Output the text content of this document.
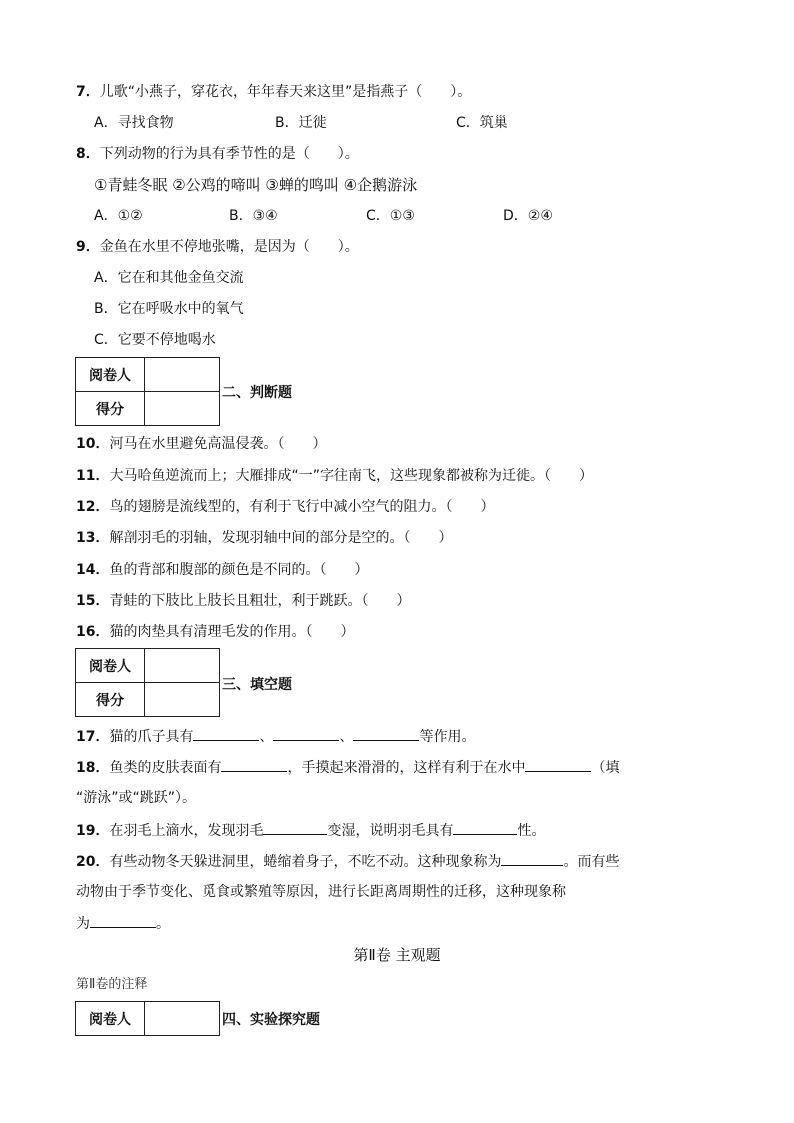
7．儿歌“小燕子，穿花衣，年年春天来这里”是指燕子（　　）。
A．寻找食物	B．迁徙	C．筑巢
8．下列动物的行为具有季节性的是（　　）。
①青蛙冬眠 ②公鸡的啼叫 ③蝉的鸣叫 ④企鹅游泳
A．①②	B．③④	C．①③	D．②④
9．金鱼在水里不停地张嘴，是因为（　　）。
A．它在和其他金鱼交流
B．它在呼吸水中的氧气
C．它要不停地喝水
阅卷人	
得分	
二、判断题
10．河马在水里避免高温侵袭。（　　）
11．大马哈鱼逆流而上；大雁排成“一”字往南飞，这些现象都被称为迁徙。（　　）
12．鸟的翅膀是流线型的，有利于飞行中减小空气的阻力。（　　）
13．解剖羽毛的羽轴，发现羽轴中间的部分是空的。（　　）
14．鱼的背部和腹部的颜色是不同的。（　　）
15．青蛙的下肢比上肢长且粗壮，利于跳跃。（　　）
16．猫的肉垫具有清理毛发的作用。（　　）
阅卷人	
得分	
三、填空题
17．猫的爪子具有	、	、	等作用。
18．鱼类的皮肤表面有	，手摸起来滑滑的，这样有利于在水中	（填
“游泳”或“跳跃”）。
19．在羽毛上滴水，发现羽毛	变湿，说明羽毛具有	性。
20．有些动物冬天躲进洞里，蜷缩着身子，不吃不动。这种现象称为	。而有些
动物由于季节变化、觅食或繁殖等原因，进行长距离周期性的迁移，这种现象称
为	。
第Ⅱ卷 主观题
第Ⅱ卷的注释
阅卷人		四、实验探究题
